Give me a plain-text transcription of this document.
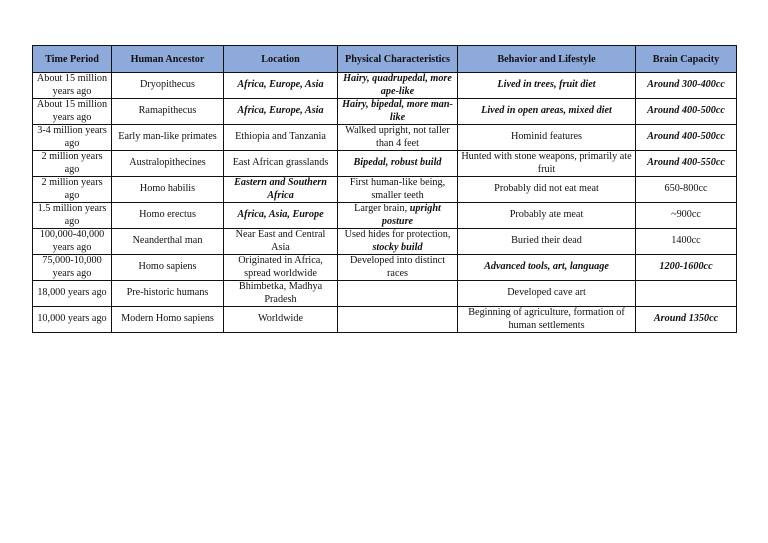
Time Period	Human Ancestor	Location	Physical Characteristics	Behavior and Lifestyle	Brain Capacity
About 15 million years ago	Dryopithecus	Africa, Europe, Asia	Hairy, quadrupedal, more ape-like	Lived in trees, fruit diet	Around 300-400cc
About 15 million years ago	Ramapithecus	Africa, Europe, Asia	Hairy, bipedal, more man-like	Lived in open areas, mixed diet	Around 400-500cc
3-4 million years ago	Early man-like primates	Ethiopia and Tanzania	Walked upright, not taller than 4 feet	Hominid features	Around 400-500cc
2 million years ago	Australopithecines	East African grasslands	Bipedal, robust build	Hunted with stone weapons, primarily ate fruit	Around 400-550cc
2 million years ago	Homo habilis	Eastern and Southern Africa	First human-like being, smaller teeth	Probably did not eat meat	650-800cc
1.5 million years ago	Homo erectus	Africa, Asia, Europe	Larger brain, upright posture	Probably ate meat	~900cc
100,000-40,000 years ago	Neanderthal man	Near East and Central Asia	Used hides for protection, stocky build	Buried their dead	1400cc
75,000-10,000 years ago	Homo sapiens	Originated in Africa, spread worldwide	Developed into distinct races	Advanced tools, art, language	1200-1600cc
18,000 years ago	Pre-historic humans	Bhimbetka, Madhya Pradesh		Developed cave art	
10,000 years ago	Modern Homo sapiens	Worldwide		Beginning of agriculture, formation of human settlements	Around 1350cc
